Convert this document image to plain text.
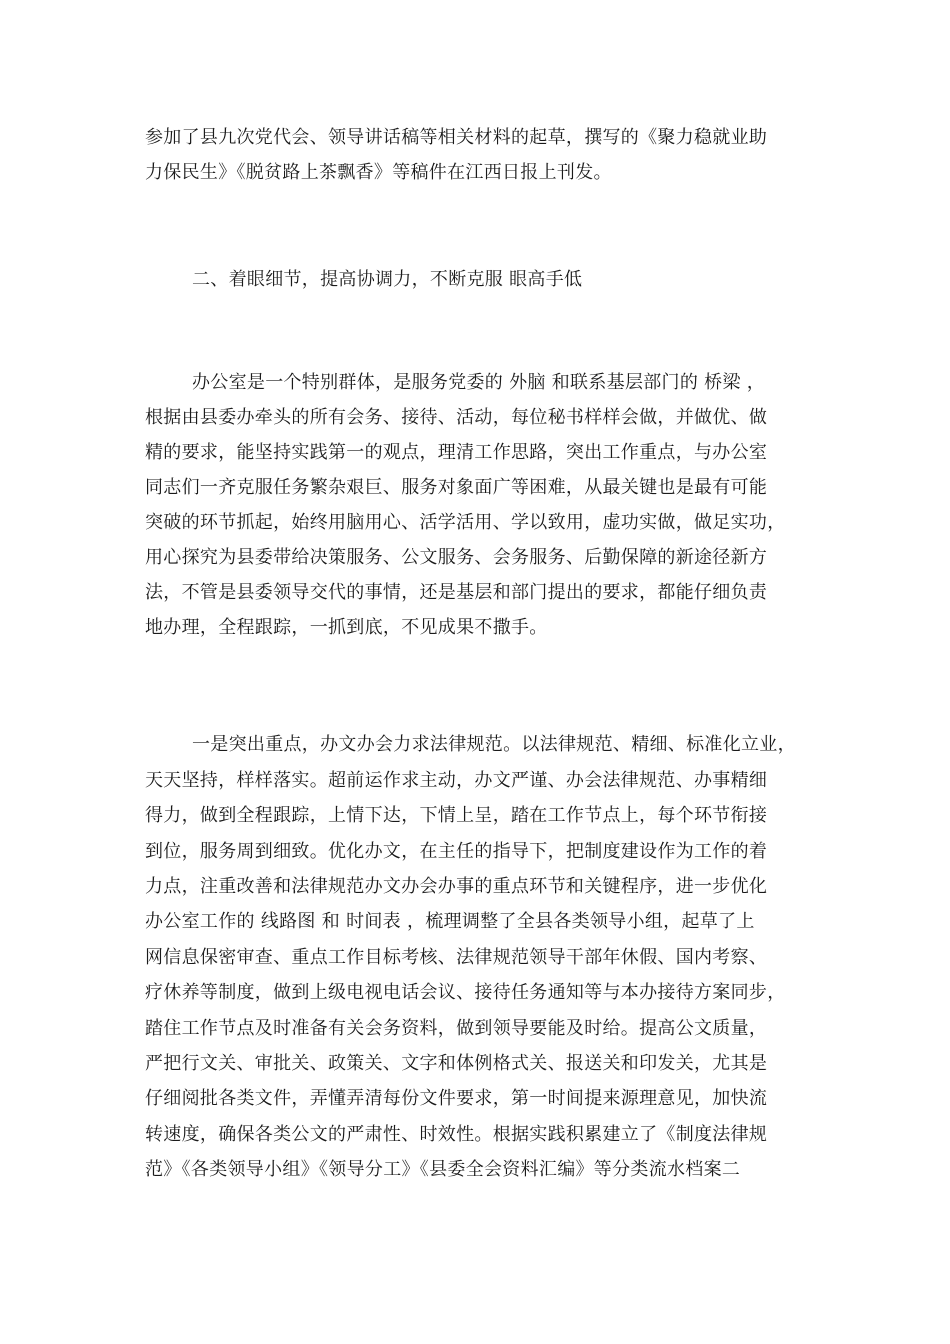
参加了县九次党代会、领导讲话稿等相关材料的起草，撰写的《聚力稳就业助
力保民生》《脱贫路上茶飘香》等稿件在江西日报上刊发。
二、着眼细节，提高协调力，不断克服 眼高手低
办公室是一个特别群体，是服务党委的 外脑 和联系基层部门的 桥梁 ，
根据由县委办牵头的所有会务、接待、活动，每位秘书样样会做，并做优、做
精的要求，能坚持实践第一的观点，理清工作思路，突出工作重点，与办公室
同志们一齐克服任务繁杂艰巨、服务对象面广等困难，从最关键也是最有可能
突破的环节抓起，始终用脑用心、活学活用、学以致用，虚功实做，做足实功，
用心探究为县委带给决策服务、公文服务、会务服务、后勤保障的新途径新方
法，不管是县委领导交代的事情，还是基层和部门提出的要求，都能仔细负责
地办理，全程跟踪，一抓到底，不见成果不撒手。
一是突出重点，办文办会力求法律规范。以法律规范、精细、标准化立业，
天天坚持，样样落实。超前运作求主动，办文严谨、办会法律规范、办事精细
得力，做到全程跟踪，上情下达，下情上呈，踏在工作节点上，每个环节衔接
到位，服务周到细致。优化办文，在主任的指导下，把制度建设作为工作的着
力点，注重改善和法律规范办文办会办事的重点环节和关键程序，进一步优化
办公室工作的 线路图 和 时间表 ，梳理调整了全县各类领导小组，起草了上
网信息保密审查、重点工作目标考核、法律规范领导干部年休假、国内考察、
疗休养等制度，做到上级电视电话会议、接待任务通知等与本办接待方案同步，
踏住工作节点及时准备有关会务资料，做到领导要能及时给。提高公文质量，
严把行文关、审批关、政策关、文字和体例格式关、报送关和印发关，尤其是
仔细阅批各类文件，弄懂弄清每份文件要求，第一时间提来源理意见，加快流
转速度，确保各类公文的严肃性、时效性。根据实践积累建立了《制度法律规
范》《各类领导小组》《领导分工》《县委全会资料汇编》等分类流水档案二
